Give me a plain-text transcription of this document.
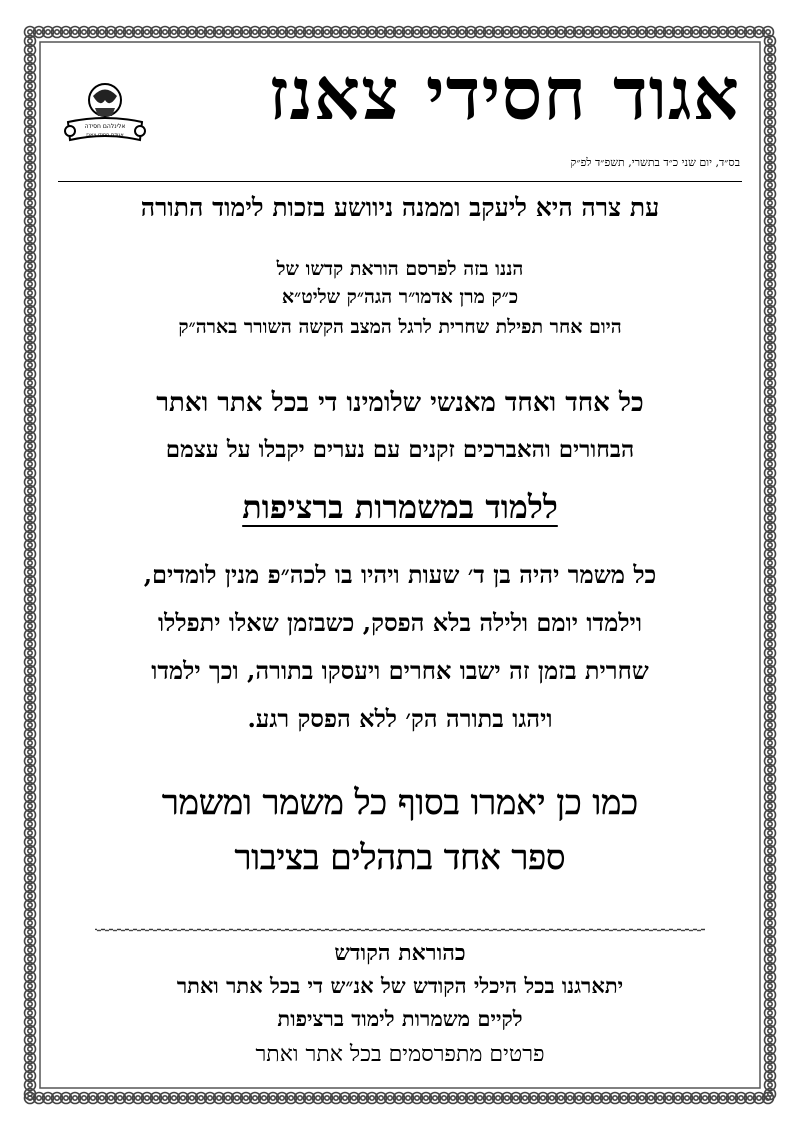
אגוד חסידי צאנז
אלינלהם חסידה
אגודת חסידי צאנז
בס״ד, יום שני כ״ד בתשרי, תשפ״ד לפ״ק
עת צרה היא ליעקב וממנה ניוושע בזכות לימוד התורה
הננו בזה לפרסם הוראת קדשו של
כ״ק מרן אדמו״ר הגה״ק שליט״א
היום אחר תפילת שחרית לרגל המצב הקשה השורר בארה״ק
כל אחד ואחד מאנשי שלומינו די בכל אתר ואתר
הבחורים והאברכים זקנים עם נערים יקבלו על עצמם
ללמוד במשמרות ברציפות
כל משמר יהיה בן ד׳ שעות ויהיו בו לכה״פ מנין לומדים,
וילמדו יומם ולילה בלא הפסק, כשבזמן שאלו יתפללו
שחרית בזמן זה ישבו אחרים ויעסקו בתורה, וכך ילמדו
ויהגו בתורה הק׳ ללא הפסק רגע.
כמו כן יאמרו בסוף כל משמר ומשמר
ספר אחד בתהלים בציבור
כהוראת הקודש
יתארגנו בכל היכלי הקודש של אנ״ש די בכל אתר ואתר
לקיים משמרות לימוד ברציפות
פרטים מתפרסמים בכל אתר ואתר
